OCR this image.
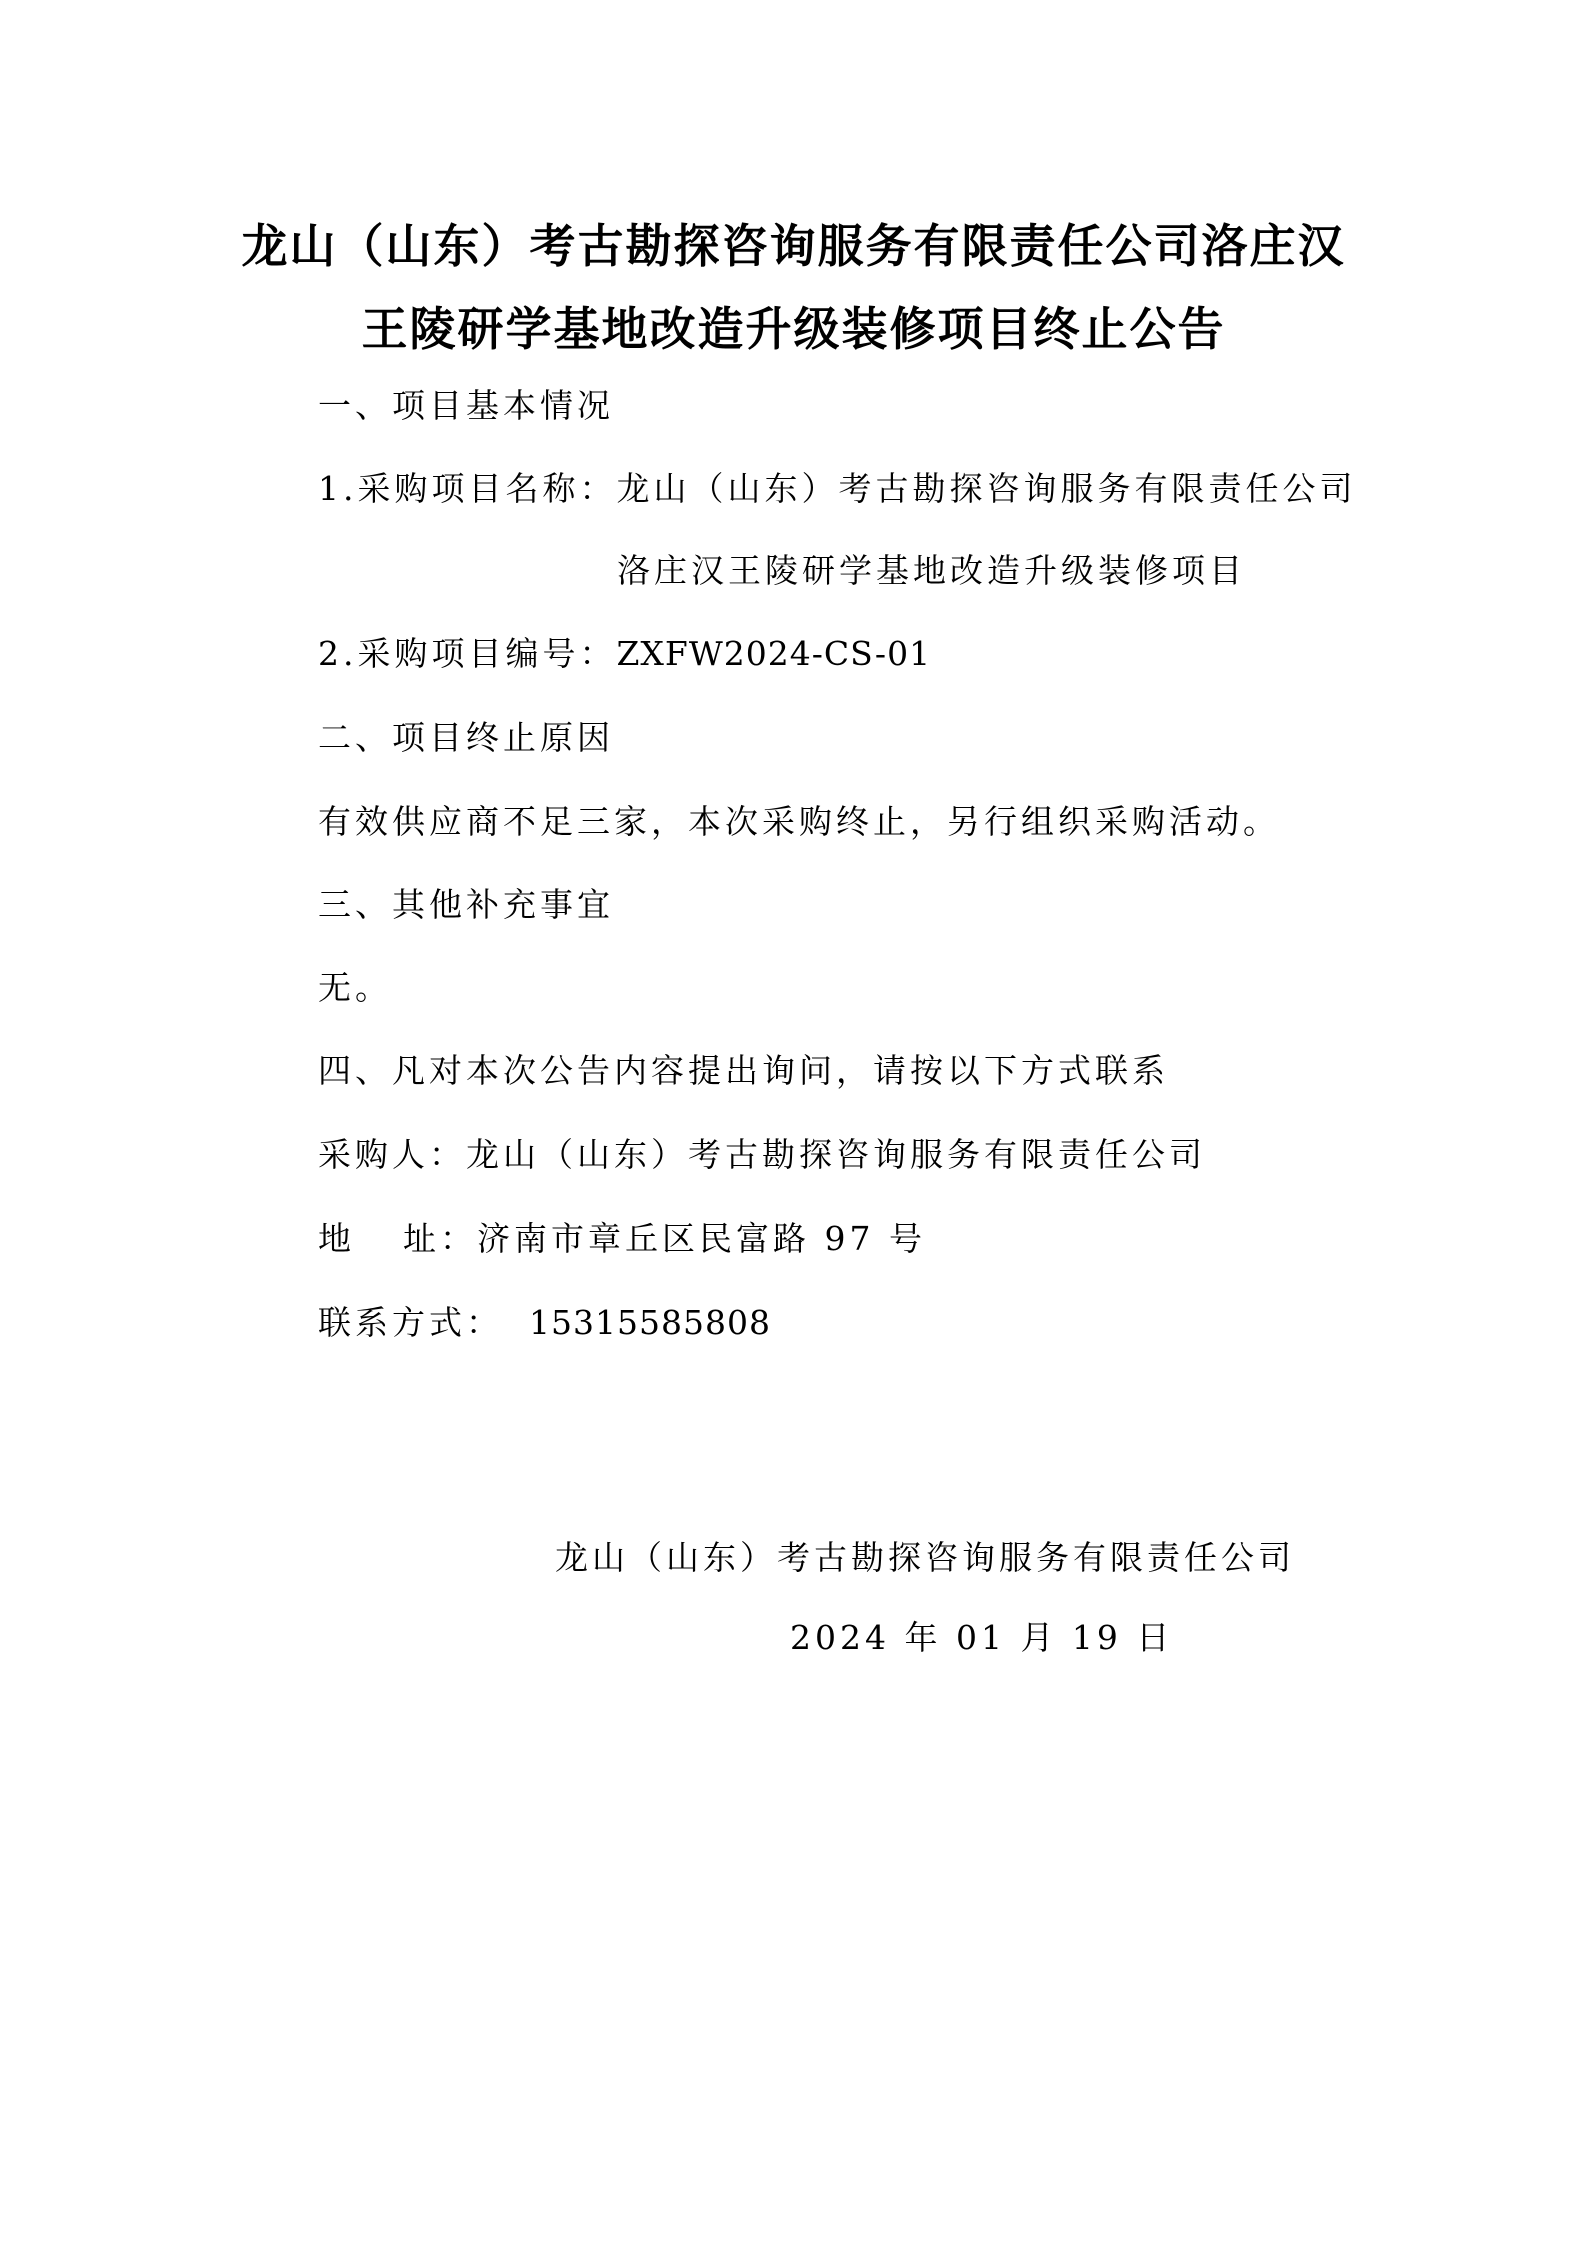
龙山（山东）考古勘探咨询服务有限责任公司洛庄汉
王陵研学基地改造升级装修项目终止公告
一、项目基本情况
1.采购项目名称：龙山（山东）考古勘探咨询服务有限责任公司
洛庄汉王陵研学基地改造升级装修项目
2.采购项目编号：ZXFW2024-CS-01
二、项目终止原因
有效供应商不足三家，本次采购终止，另行组织采购活动。
三、其他补充事宜
无。
四、凡对本次公告内容提出询问，请按以下方式联系
采购人：龙山（山东）考古勘探咨询服务有限责任公司
地 址：济南市章丘区民富路 97 号
联系方式： 15315585808
龙山（山东）考古勘探咨询服务有限责任公司
2024 年 01 月 19 日
